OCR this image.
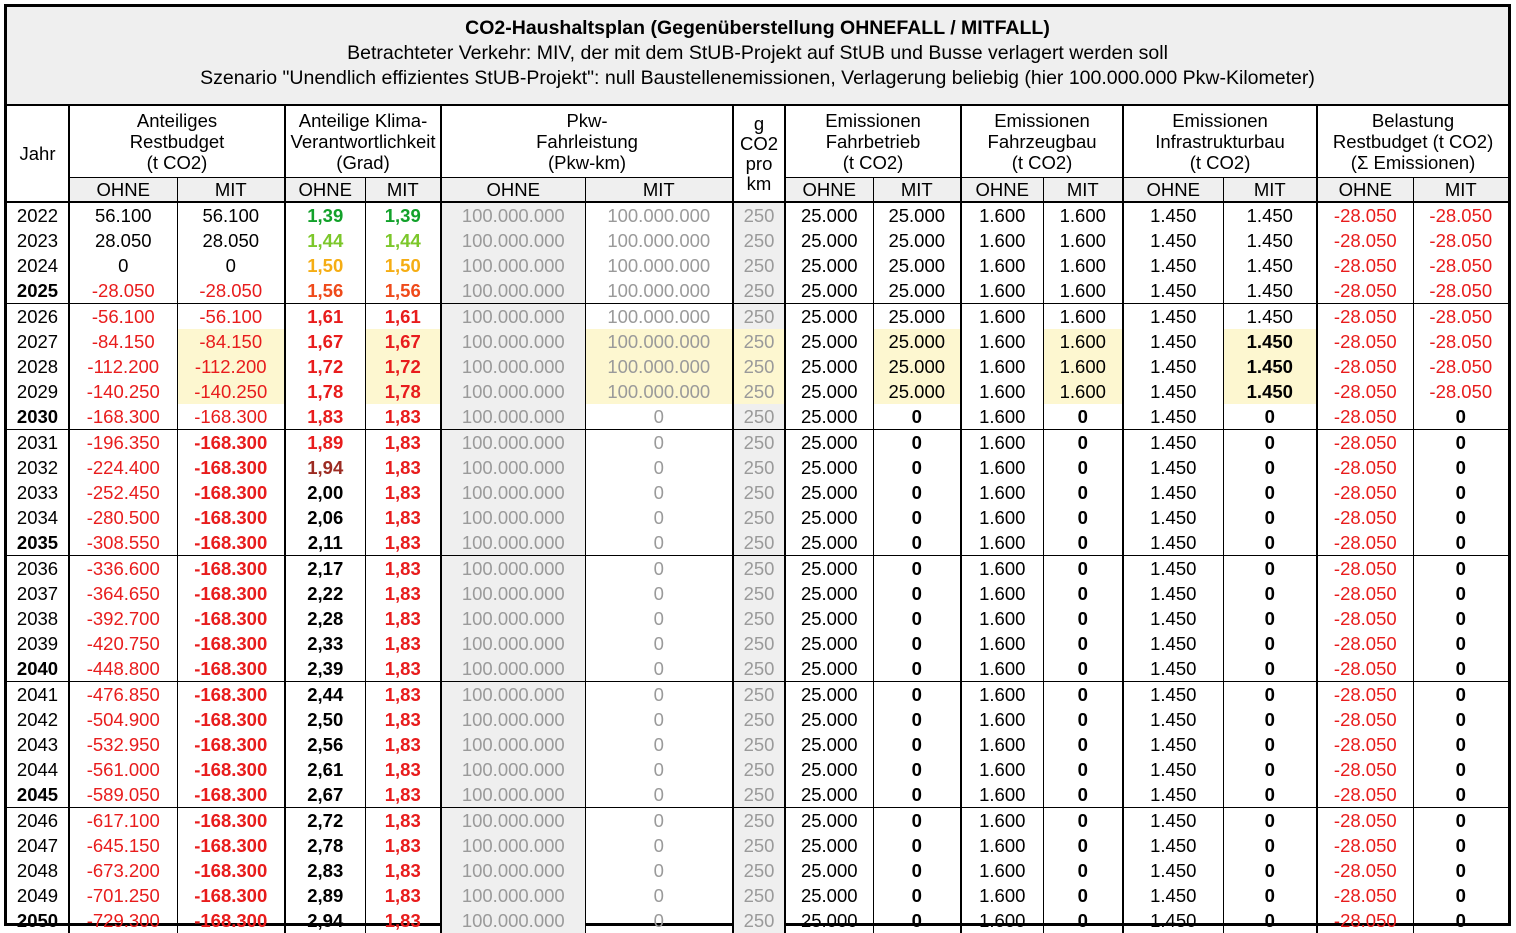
CO2-Haushaltsplan (Gegenüberstellung OHNEFALL / MITFALL)
Betrachteter Verkehr: MIV, der mit dem StUB-Projekt auf StUB und Busse verlagert werden soll
Szenario "Unendlich effizientes StUB-Projekt": null Baustellenemissionen, Verlagerung beliebig (hier 100.000.000 Pkw-Kilometer)
Jahr	Anteiliges
Restbudget
(t CO2)		Anteilige Klima-
Verantwortlichkeit
(Grad)		Pkw-
Fahrleistung
(Pkw-km)		g
CO2
pro
km	Emissionen
Fahrbetrieb
(t CO2)		Emissionen
Fahrzeugbau
(t CO2)		Emissionen
Infrastrukturbau
(t CO2)		Belastung
Restbudget (t CO2)
(Σ Emissionen)	
	OHNE	MIT	OHNE	MIT	OHNE	MIT		OHNE	MIT	OHNE	MIT	OHNE	MIT	OHNE	MIT
2022	56.100	56.100	1,39	1,39	100.000.000	100.000.000	250	25.000	25.000	1.600	1.600	1.450	1.450	-28.050	-28.050
2023	28.050	28.050	1,44	1,44	100.000.000	100.000.000	250	25.000	25.000	1.600	1.600	1.450	1.450	-28.050	-28.050
2024	0	0	1,50	1,50	100.000.000	100.000.000	250	25.000	25.000	1.600	1.600	1.450	1.450	-28.050	-28.050
2025	-28.050	-28.050	1,56	1,56	100.000.000	100.000.000	250	25.000	25.000	1.600	1.600	1.450	1.450	-28.050	-28.050
2026	-56.100	-56.100	1,61	1,61	100.000.000	100.000.000	250	25.000	25.000	1.600	1.600	1.450	1.450	-28.050	-28.050
2027	-84.150	-84.150	1,67	1,67	100.000.000	100.000.000	250	25.000	25.000	1.600	1.600	1.450	1.450	-28.050	-28.050
2028	-112.200	-112.200	1,72	1,72	100.000.000	100.000.000	250	25.000	25.000	1.600	1.600	1.450	1.450	-28.050	-28.050
2029	-140.250	-140.250	1,78	1,78	100.000.000	100.000.000	250	25.000	25.000	1.600	1.600	1.450	1.450	-28.050	-28.050
2030	-168.300	-168.300	1,83	1,83	100.000.000	0	250	25.000	0	1.600	0	1.450	0	-28.050	0
2031	-196.350	-168.300	1,89	1,83	100.000.000	0	250	25.000	0	1.600	0	1.450	0	-28.050	0
2032	-224.400	-168.300	1,94	1,83	100.000.000	0	250	25.000	0	1.600	0	1.450	0	-28.050	0
2033	-252.450	-168.300	2,00	1,83	100.000.000	0	250	25.000	0	1.600	0	1.450	0	-28.050	0
2034	-280.500	-168.300	2,06	1,83	100.000.000	0	250	25.000	0	1.600	0	1.450	0	-28.050	0
2035	-308.550	-168.300	2,11	1,83	100.000.000	0	250	25.000	0	1.600	0	1.450	0	-28.050	0
2036	-336.600	-168.300	2,17	1,83	100.000.000	0	250	25.000	0	1.600	0	1.450	0	-28.050	0
2037	-364.650	-168.300	2,22	1,83	100.000.000	0	250	25.000	0	1.600	0	1.450	0	-28.050	0
2038	-392.700	-168.300	2,28	1,83	100.000.000	0	250	25.000	0	1.600	0	1.450	0	-28.050	0
2039	-420.750	-168.300	2,33	1,83	100.000.000	0	250	25.000	0	1.600	0	1.450	0	-28.050	0
2040	-448.800	-168.300	2,39	1,83	100.000.000	0	250	25.000	0	1.600	0	1.450	0	-28.050	0
2041	-476.850	-168.300	2,44	1,83	100.000.000	0	250	25.000	0	1.600	0	1.450	0	-28.050	0
2042	-504.900	-168.300	2,50	1,83	100.000.000	0	250	25.000	0	1.600	0	1.450	0	-28.050	0
2043	-532.950	-168.300	2,56	1,83	100.000.000	0	250	25.000	0	1.600	0	1.450	0	-28.050	0
2044	-561.000	-168.300	2,61	1,83	100.000.000	0	250	25.000	0	1.600	0	1.450	0	-28.050	0
2045	-589.050	-168.300	2,67	1,83	100.000.000	0	250	25.000	0	1.600	0	1.450	0	-28.050	0
2046	-617.100	-168.300	2,72	1,83	100.000.000	0	250	25.000	0	1.600	0	1.450	0	-28.050	0
2047	-645.150	-168.300	2,78	1,83	100.000.000	0	250	25.000	0	1.600	0	1.450	0	-28.050	0
2048	-673.200	-168.300	2,83	1,83	100.000.000	0	250	25.000	0	1.600	0	1.450	0	-28.050	0
2049	-701.250	-168.300	2,89	1,83	100.000.000	0	250	25.000	0	1.600	0	1.450	0	-28.050	0
2050	-729.300	-168.300	2,94	1,83	100.000.000	0	250	25.000	0	1.600	0	1.450	0	-28.050	0
